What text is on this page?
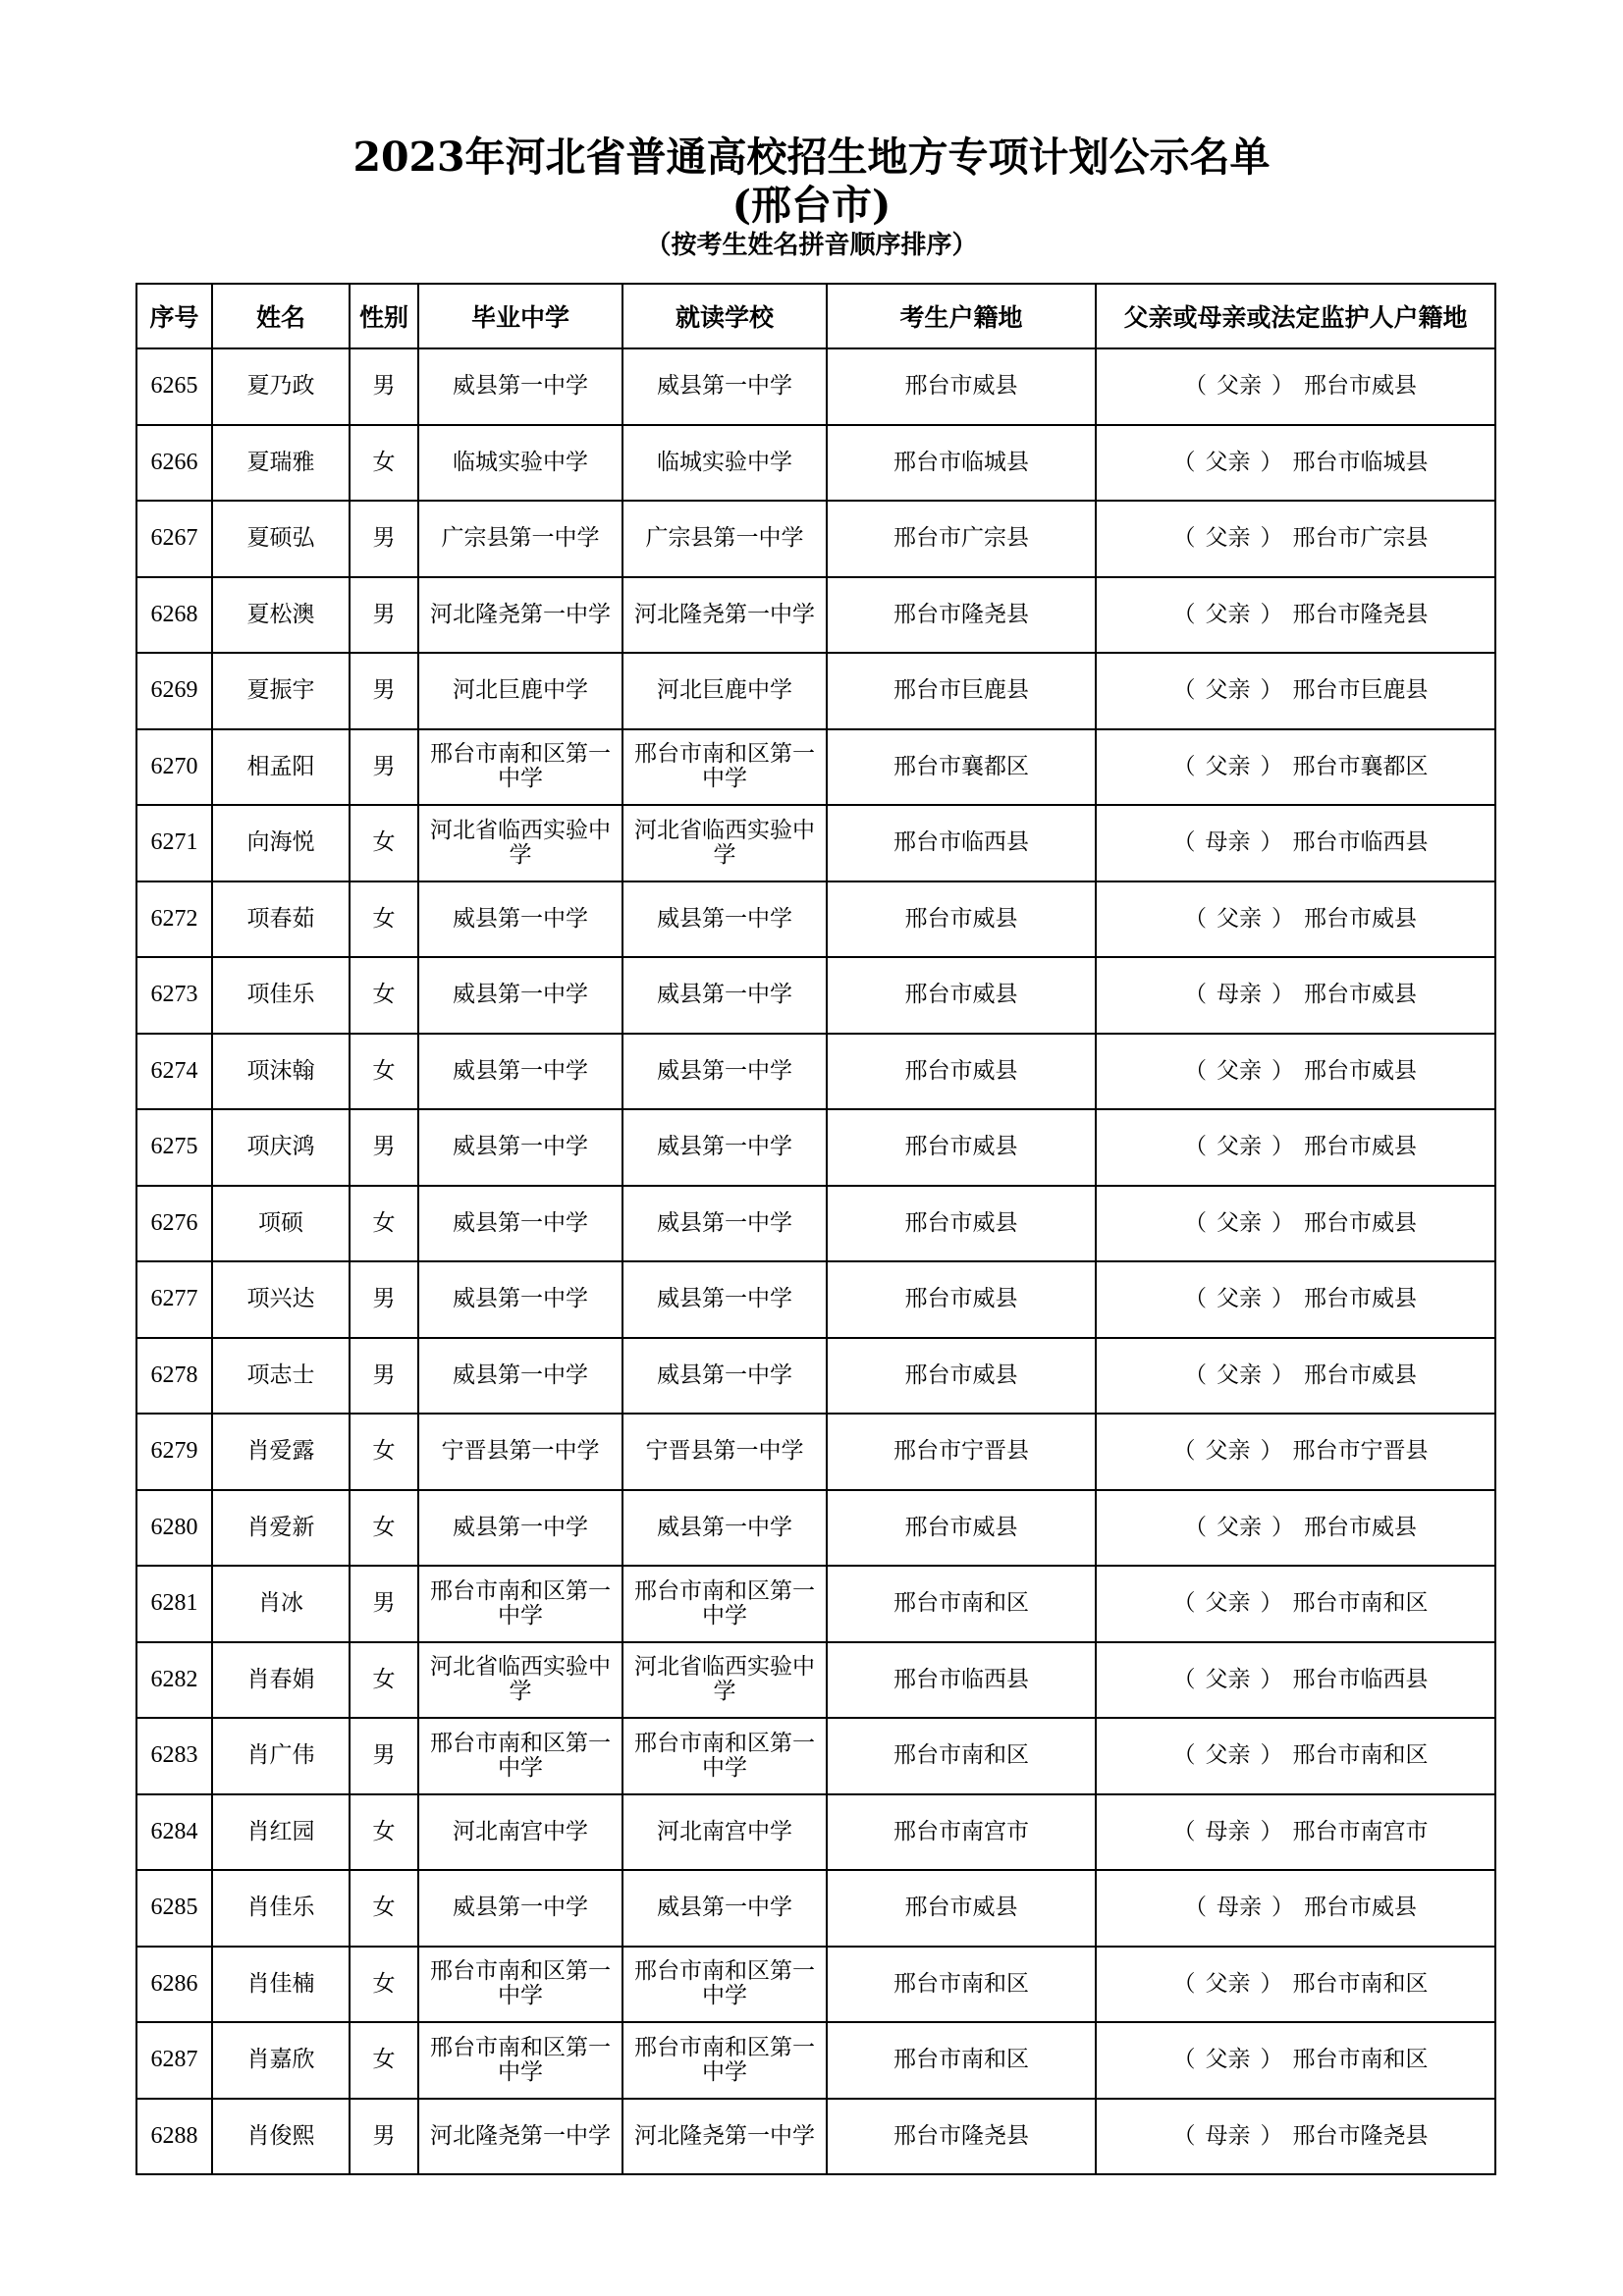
2023年河北省普通高校招生地方专项计划公示名单
(邢台市)
（按考生姓名拼音顺序排序）
序号	姓名	性别	毕业中学	就读学校	考生户籍地	父亲或母亲或法定监护人户籍地
6265	夏乃政	男	威县第一中学	威县第一中学	邢台市威县	（ 父亲 ） 邢台市威县
6266	夏瑞雅	女	临城实验中学	临城实验中学	邢台市临城县	（ 父亲 ） 邢台市临城县
6267	夏硕弘	男	广宗县第一中学	广宗县第一中学	邢台市广宗县	（ 父亲 ） 邢台市广宗县
6268	夏松澳	男	河北隆尧第一中学	河北隆尧第一中学	邢台市隆尧县	（ 父亲 ） 邢台市隆尧县
6269	夏振宇	男	河北巨鹿中学	河北巨鹿中学	邢台市巨鹿县	（ 父亲 ） 邢台市巨鹿县
6270	相孟阳	男	邢台市南和区第一中学	邢台市南和区第一中学	邢台市襄都区	（ 父亲 ） 邢台市襄都区
6271	向海悦	女	河北省临西实验中学	河北省临西实验中学	邢台市临西县	（ 母亲 ） 邢台市临西县
6272	项春茹	女	威县第一中学	威县第一中学	邢台市威县	（ 父亲 ） 邢台市威县
6273	项佳乐	女	威县第一中学	威县第一中学	邢台市威县	（ 母亲 ） 邢台市威县
6274	项沫翰	女	威县第一中学	威县第一中学	邢台市威县	（ 父亲 ） 邢台市威县
6275	项庆鸿	男	威县第一中学	威县第一中学	邢台市威县	（ 父亲 ） 邢台市威县
6276	项硕	女	威县第一中学	威县第一中学	邢台市威县	（ 父亲 ） 邢台市威县
6277	项兴达	男	威县第一中学	威县第一中学	邢台市威县	（ 父亲 ） 邢台市威县
6278	项志士	男	威县第一中学	威县第一中学	邢台市威县	（ 父亲 ） 邢台市威县
6279	肖爱露	女	宁晋县第一中学	宁晋县第一中学	邢台市宁晋县	（ 父亲 ） 邢台市宁晋县
6280	肖爱新	女	威县第一中学	威县第一中学	邢台市威县	（ 父亲 ） 邢台市威县
6281	肖冰	男	邢台市南和区第一中学	邢台市南和区第一中学	邢台市南和区	（ 父亲 ） 邢台市南和区
6282	肖春娟	女	河北省临西实验中学	河北省临西实验中学	邢台市临西县	（ 父亲 ） 邢台市临西县
6283	肖广伟	男	邢台市南和区第一中学	邢台市南和区第一中学	邢台市南和区	（ 父亲 ） 邢台市南和区
6284	肖红园	女	河北南宫中学	河北南宫中学	邢台市南宫市	（ 母亲 ） 邢台市南宫市
6285	肖佳乐	女	威县第一中学	威县第一中学	邢台市威县	（ 母亲 ） 邢台市威县
6286	肖佳楠	女	邢台市南和区第一中学	邢台市南和区第一中学	邢台市南和区	（ 父亲 ） 邢台市南和区
6287	肖嘉欣	女	邢台市南和区第一中学	邢台市南和区第一中学	邢台市南和区	（ 父亲 ） 邢台市南和区
6288	肖俊熙	男	河北隆尧第一中学	河北隆尧第一中学	邢台市隆尧县	（ 母亲 ） 邢台市隆尧县
